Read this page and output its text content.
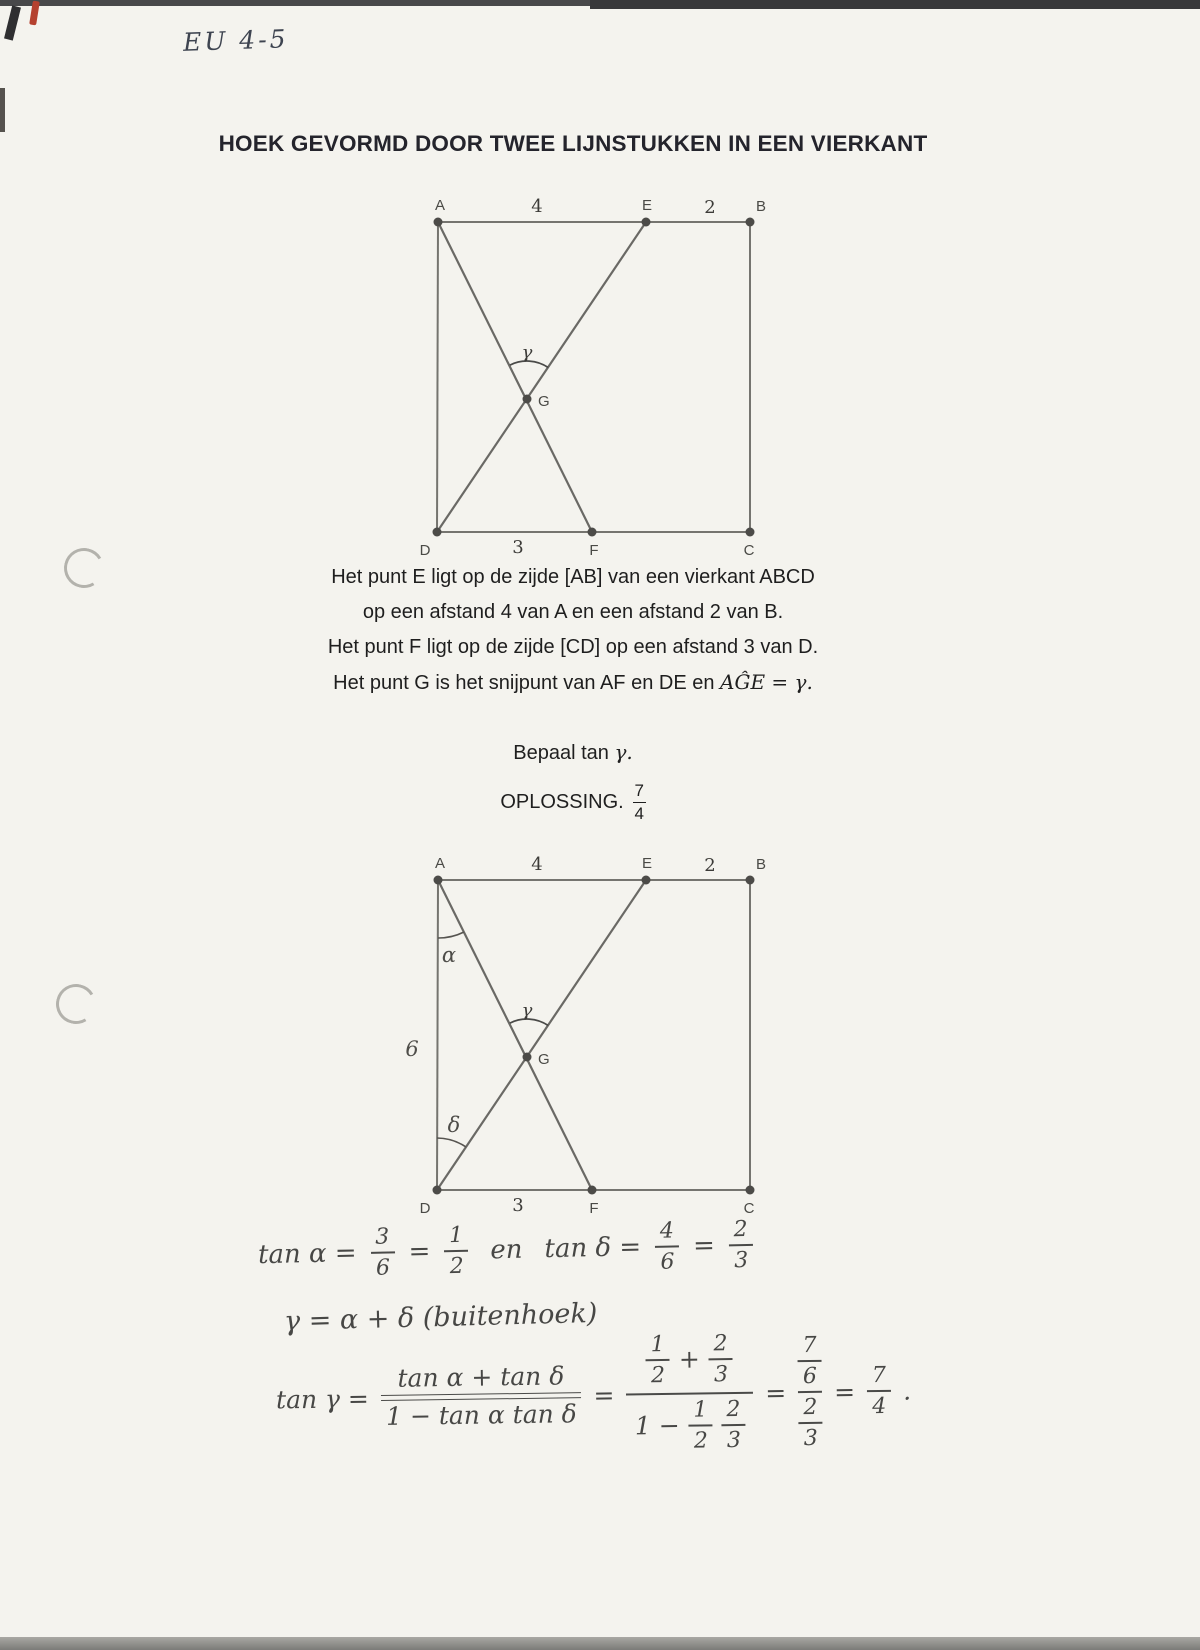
EU 4-5
HOEK GEVORMD DOOR TWEE LIJNSTUKKEN IN EEN VIERKANT
A	4	E	2	B
D	3	F	C
G
γ
Het punt E ligt op de zijde [AB] van een vierkant ABCD
op een afstand 4 van A en een afstand 2 van B.
Het punt F ligt op de zijde [CD] op een afstand 3 van D.
Het punt G is het snijpunt van AF en DE en AĜE = γ.
Bepaal tan γ.
OPLOSSING.
7
4
A	4	E	2	B
D	3	F	C
G
γ
α
δ
6
tan α =
3
6
=
1
2
en tan δ =
4
6
=
2
3
γ = α + δ (buitenhoek)
tan γ =
tan α + tan δ
1 − tan α tan δ
=
1
2
+
2
3
1 −
1
2
2
3
=
7
6
2
3
=
7
4
.
